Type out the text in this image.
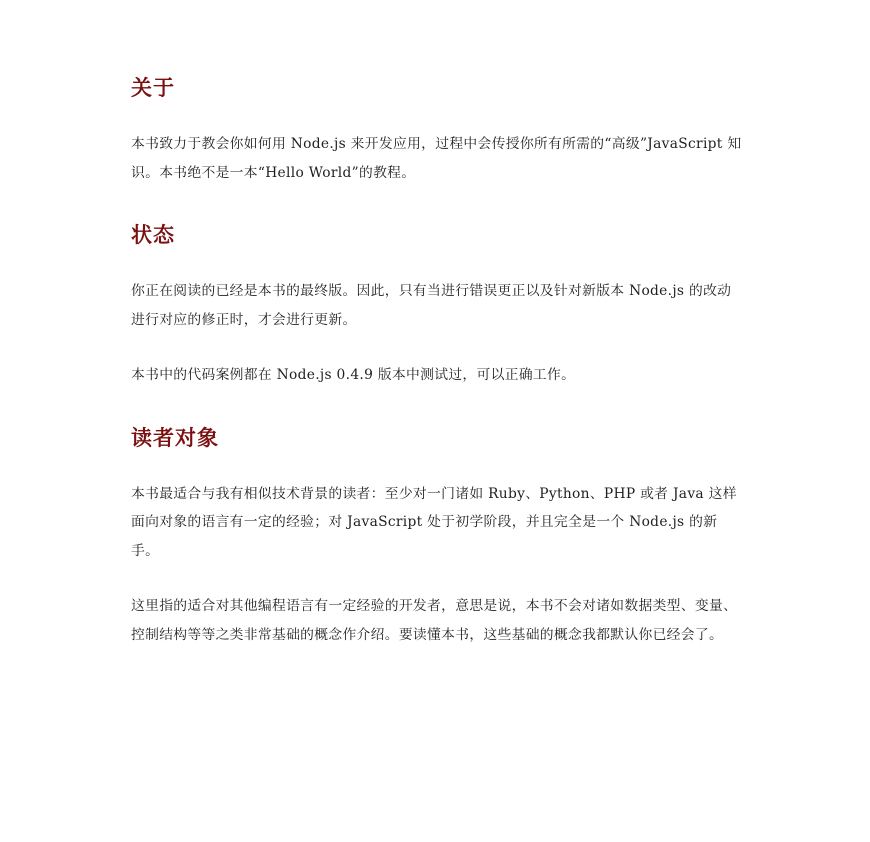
关于

本书致力于教会你如何用 Node.js 来开发应用，过程中会传授你所有所需的“高级”JavaScript 知识。本书绝不是一本“Hello World”的教程。

状态

你正在阅读的已经是本书的最终版。因此，只有当进行错误更正以及针对新版本 Node.js 的改动进行对应的修正时，才会进行更新。

本书中的代码案例都在 Node.js 0.4.9 版本中测试过，可以正确工作。

读者对象

本书最适合与我有相似技术背景的读者：至少对一门诸如 Ruby、Python、PHP 或者 Java 这样面向对象的语言有一定的经验；对 JavaScript 处于初学阶段，并且完全是一个 Node.js 的新手。

这里指的适合对其他编程语言有一定经验的开发者，意思是说，本书不会对诸如数据类型、变量、控制结构等等之类非常基础的概念作介绍。要读懂本书，这些基础的概念我都默认你已经会了。
